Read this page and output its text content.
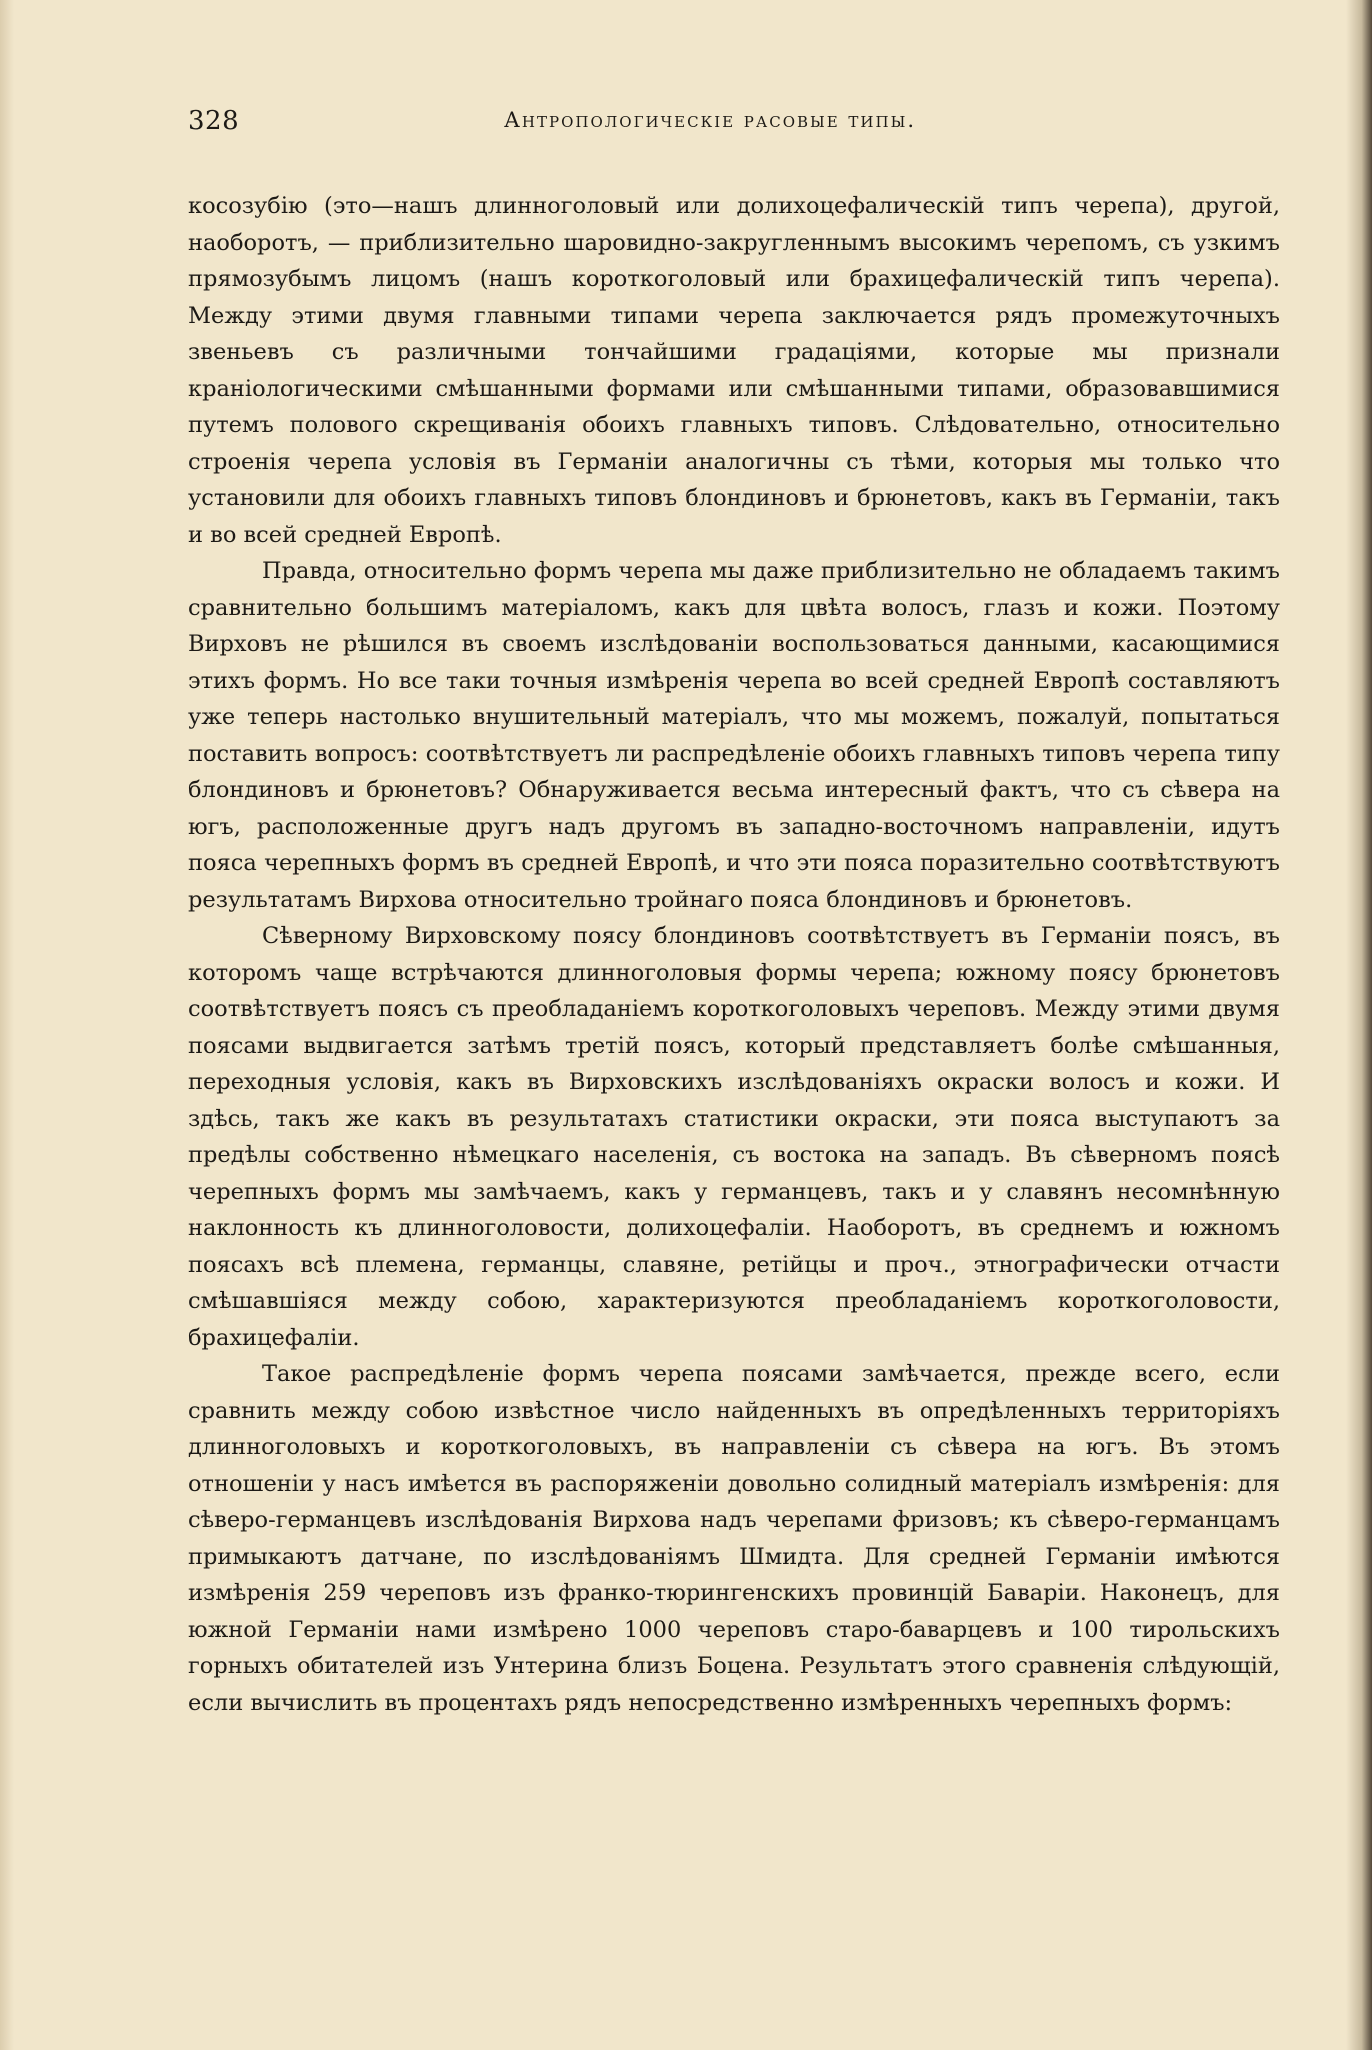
328	Антропологическіе расовые типы.

косозубію (это—нашъ длинноголовый или долихоцефалическій типъ черепа), другой, наоборотъ, — приблизительно шаровидно-закругленнымъ высокимъ черепомъ, съ узкимъ прямозубымъ лицомъ (нашъ короткоголовый или брахицефалическій типъ черепа). Между этими двумя главными типами черепа заключается рядъ промежуточныхъ звеньевъ съ различными тончайшими градаціями, которые мы признали краніологическими смѣшанными формами или смѣшанными типами, образовавшимися путемъ полового скрещиванія обоихъ главныхъ типовъ. Слѣдовательно, относительно строенія черепа условія въ Германіи аналогичны съ тѣми, которыя мы только что установили для обоихъ главныхъ типовъ блондиновъ и брюнетовъ, какъ въ Германіи, такъ и во всей средней Европѣ.

Правда, относительно формъ черепа мы даже приблизительно не обладаемъ такимъ сравнительно большимъ матеріаломъ, какъ для цвѣта волосъ, глазъ и кожи. Поэтому Вирховъ не рѣшился въ своемъ изслѣдованіи воспользоваться данными, касающимися этихъ формъ. Но все таки точныя измѣренія черепа во всей средней Европѣ составляютъ уже теперь настолько внушительный матеріалъ, что мы можемъ, пожалуй, попытаться поставить вопросъ: соотвѣтствуетъ ли распредѣленіе обоихъ главныхъ типовъ черепа типу блондиновъ и брюнетовъ? Обнаруживается весьма интересный фактъ, что съ сѣвера на югъ, расположенные другъ надъ другомъ въ западно-восточномъ направленіи, идутъ пояса черепныхъ формъ въ средней Европѣ, и что эти пояса поразительно соотвѣтствуютъ результатамъ Вирхова относительно тройнаго пояса блондиновъ и брюнетовъ.

Сѣверному Вирховскому поясу блондиновъ соотвѣтствуетъ въ Германіи поясъ, въ которомъ чаще встрѣчаются длинноголовыя формы черепа; южному поясу брюнетовъ соотвѣтствуетъ поясъ съ преобладаніемъ короткоголовыхъ череповъ. Между этими двумя поясами выдвигается затѣмъ третій поясъ, который представляетъ болѣе смѣшанныя, переходныя условія, какъ въ Вирховскихъ изслѣдованіяхъ окраски волосъ и кожи. И здѣсь, такъ же какъ въ результатахъ статистики окраски, эти пояса выступаютъ за предѣлы собственно нѣмецкаго населенія, съ востока на западъ. Въ сѣверномъ поясѣ черепныхъ формъ мы замѣчаемъ, какъ у германцевъ, такъ и у славянъ несомнѣнную наклонность къ длинноголовости, долихоцефаліи. Наоборотъ, въ среднемъ и южномъ поясахъ всѣ племена, германцы, славяне, ретійцы и проч., этнографически отчасти смѣшавшіяся между собою, характеризуются преобладаніемъ короткоголовости, брахицефаліи.

Такое распредѣленіе формъ черепа поясами замѣчается, прежде всего, если сравнить между собою извѣстное число найденныхъ въ опредѣленныхъ территоріяхъ длинноголовыхъ и короткоголовыхъ, въ направленіи съ сѣвера на югъ. Въ этомъ отношеніи у насъ имѣется въ распоряженіи довольно солидный матеріалъ измѣренія: для сѣверо-германцевъ изслѣдованія Вирхова надъ черепами фризовъ; къ сѣверо-германцамъ примыкаютъ датчане, по изслѣдованіямъ Шмидта. Для средней Германіи имѣются измѣренія 259 череповъ изъ франко-тюрингенскихъ провинцій Баваріи. Наконецъ, для южной Германіи нами измѣрено 1000 череповъ старо-баварцевъ и 100 тирольскихъ горныхъ обитателей изъ Унтерина близъ Боцена. Результатъ этого сравненія слѣдующій, если вычислить въ процентахъ рядъ непосредственно измѣренныхъ черепныхъ формъ:
